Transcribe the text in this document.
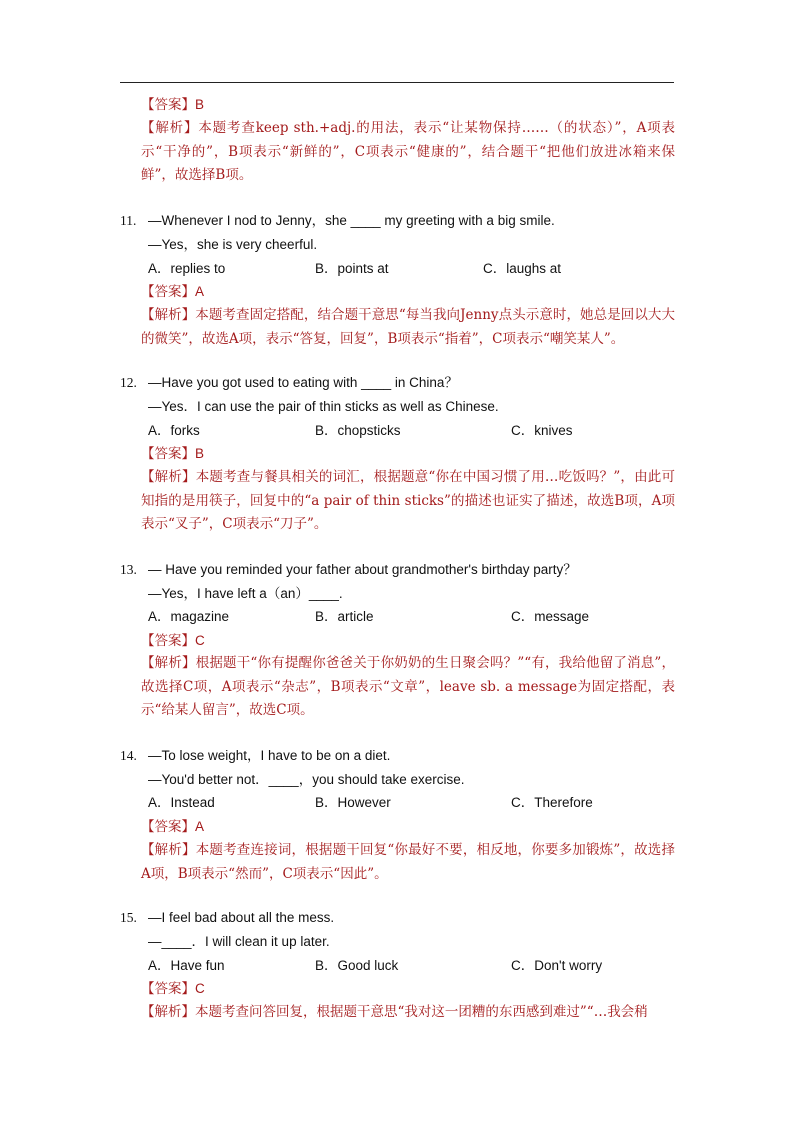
【答案】B
【解析】本题考查keep sth.+adj.的用法，表示“让某物保持……（的状态）”，A项表示“干净的”，B项表示“新鲜的”，C项表示“健康的”，结合题干“把他们放进冰箱来保鲜”，故选择B项。
11. —Whenever I nod to Jenny，she ____ my greeting with a big smile.
—Yes，she is very cheerful.
A．replies to	B．points at	C．laughs at
【答案】A
【解析】本题考查固定搭配，结合题干意思“每当我向Jenny点头示意时，她总是回以大大的微笑”，故选A项，表示“答复，回复”，B项表示“指着”，C项表示“嘲笑某人”。
12. —Have you got used to eating with ____ in China？
—Yes．I can use the pair of thin sticks as well as Chinese.
A．forks	B．chopsticks	C．knives
【答案】B
【解析】本题考查与餐具相关的词汇，根据题意“你在中国习惯了用…吃饭吗？”，由此可知指的是用筷子，回复中的“a pair of thin sticks”的描述也证实了描述，故选B项，A项表示“叉子”，C项表示“刀子”。
13. — Have you reminded your father about grandmother's birthday party？
—Yes，I have left a（an）____.
A．magazine	B．article	C．message
【答案】C
【解析】根据题干“你有提醒你爸爸关于你奶奶的生日聚会吗？”“有，我给他留了消息”，故选择C项，A项表示“杂志”，B项表示“文章”，leave sb. a message为固定搭配，表示“给某人留言”，故选C项。
14. —To lose weight，I have to be on a diet.
—You'd better not．____，you should take exercise.
A．Instead	B．However	C．Therefore
【答案】A
【解析】本题考查连接词，根据题干回复“你最好不要，相反地，你要多加锻炼”，故选择A项，B项表示“然而”，C项表示“因此”。
15. —I feel bad about all the mess.
—____．I will clean it up later.
A．Have fun	B．Good luck	C．Don't worry
【答案】C
【解析】本题考查问答回复，根据题干意思“我对这一团糟的东西感到难过”“…我会稍
